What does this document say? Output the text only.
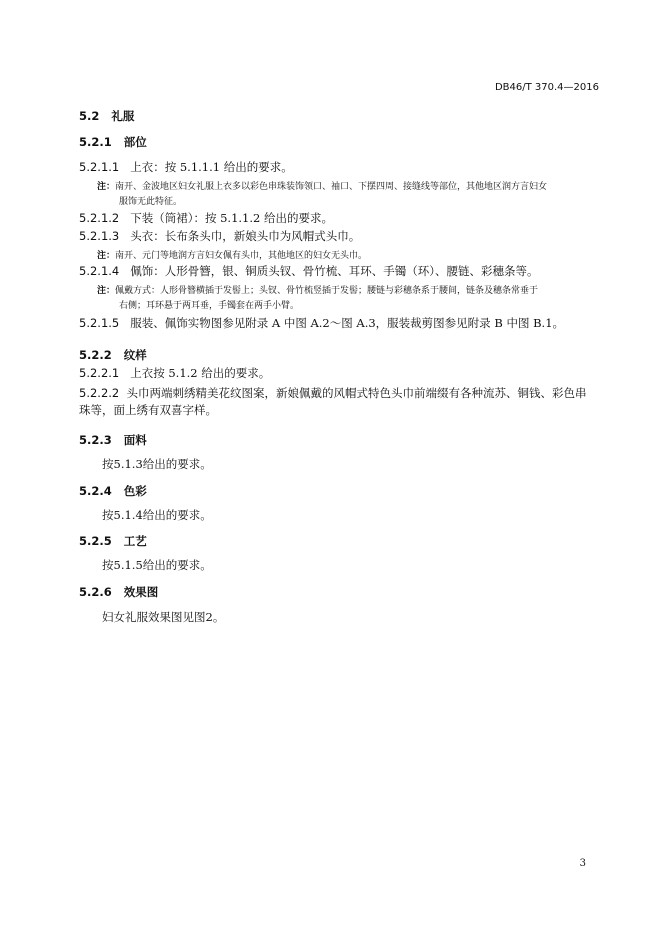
DB46/T 370.4—2016
5.2 礼服
5.2.1 部位
5.2.1.1 上衣：按 5.1.1.1 给出的要求。
注：南开、金波地区妇女礼服上衣多以彩色串珠装饰领口、袖口、下摆四周、接缝线等部位，其他地区润方言妇女
服饰无此特征。
5.2.1.2 下装（筒裙）：按 5.1.1.2 给出的要求。
5.2.1.3 头衣：长布条头巾，新娘头巾为风帽式头巾。
注：南开、元门等地润方言妇女佩有头巾，其他地区的妇女无头巾。
5.2.1.4 佩饰：人形骨簪，银、铜质头钗、骨竹梳、耳环、手镯（环）、腰链、彩穗条等。
注：佩戴方式：人形骨簪横插于发髻上；头钗、骨竹梳竖插于发髻；腰链与彩穗条系于腰间，链条及穗条常垂于
右侧；耳环悬于两耳垂，手镯套在两手小臂。
5.2.1.5 服装、佩饰实物图参见附录 A 中图 A.2～图 A.3，服装裁剪图参见附录 B 中图 B.1。
5.2.2 纹样
5.2.2.1 上衣按 5.1.2 给出的要求。
5.2.2.2 头巾两端刺绣精美花纹图案，新娘佩戴的风帽式特色头巾前端缀有各种流苏、铜钱、彩色串
珠等，面上绣有双喜字样。
5.2.3 面料
按5.1.3给出的要求。
5.2.4 色彩
按5.1.4给出的要求。
5.2.5 工艺
按5.1.5给出的要求。
5.2.6 效果图
妇女礼服效果图见图2。
3
